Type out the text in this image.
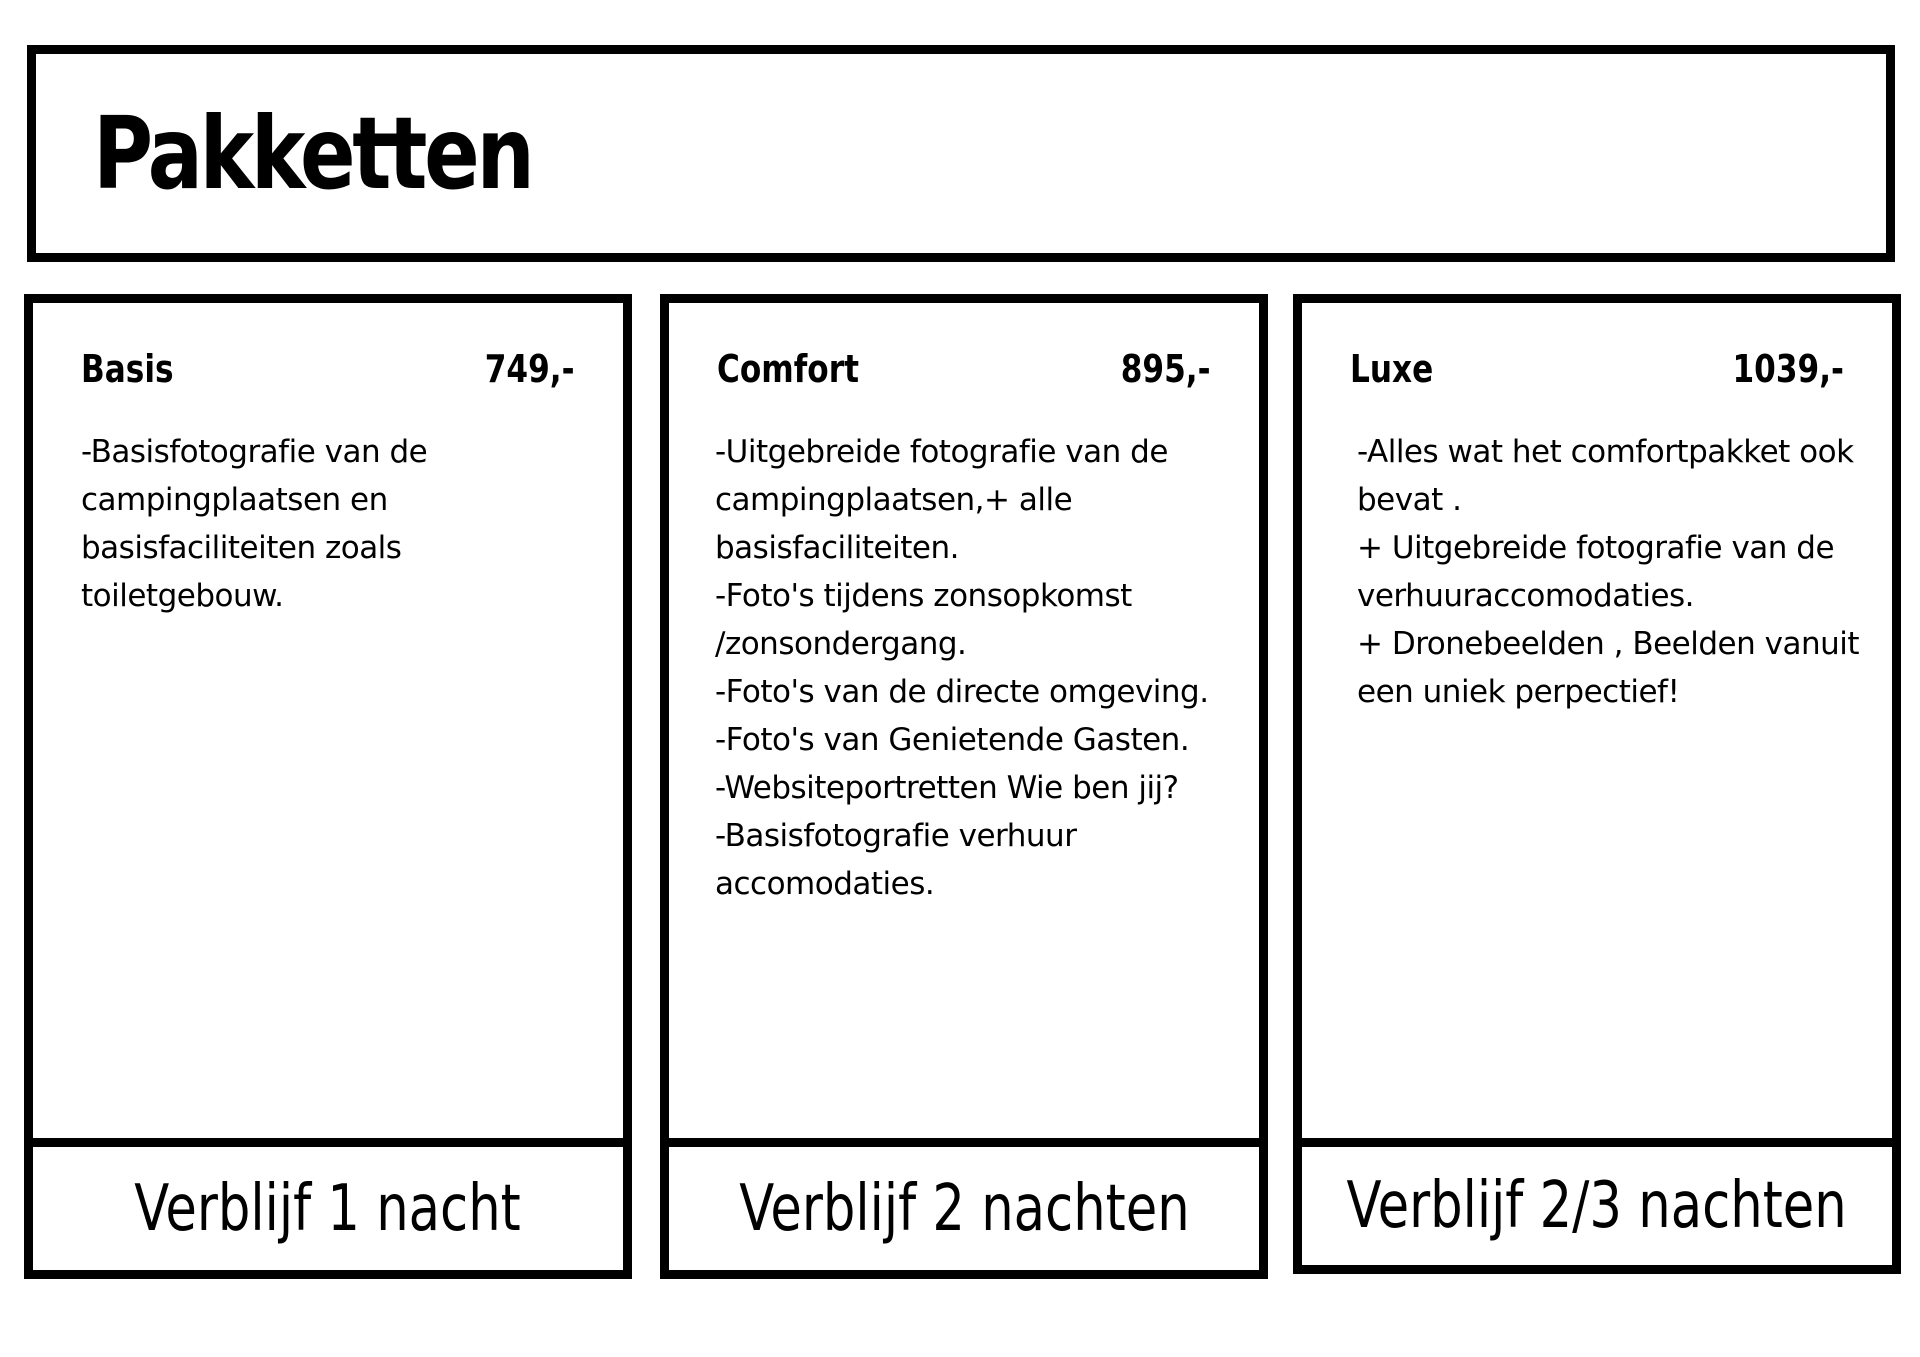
Pakketten
Basis	749,-
-Basisfotografie van de campingplaatsen en basisfaciliteiten zoals toiletgebouw.
Verblijf 1 nacht
Comfort	895,-
-Uitgebreide fotografie van de campingplaatsen,+ alle basisfaciliteiten.
-Foto's tijdens zonsopkomst /zonsondergang.
-Foto's van de directe omgeving.
-Foto's van Genietende Gasten.
-Websiteportretten Wie ben jij?
-Basisfotografie verhuur accomodaties.
Verblijf 2 nachten
Luxe	1039,-
-Alles wat het comfortpakket ook bevat .
+ Uitgebreide fotografie van de verhuuraccomodaties.
+ Dronebeelden , Beelden vanuit een uniek perpectief!
Verblijf 2/3 nachten
